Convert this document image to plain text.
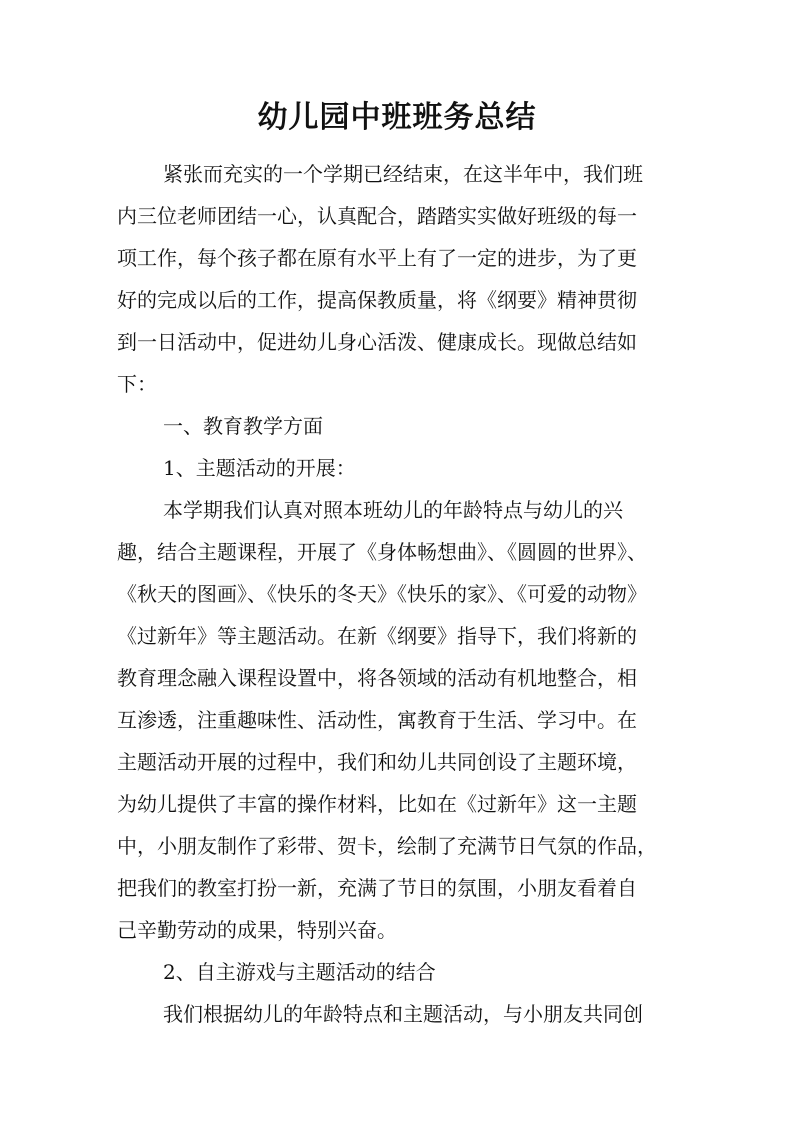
幼儿园中班班务总结
紧张而充实的一个学期已经结束，在这半年中，我们班
内三位老师团结一心，认真配合，踏踏实实做好班级的每一
项工作，每个孩子都在原有水平上有了一定的进步，为了更
好的完成以后的工作，提高保教质量，将《纲要》精神贯彻
到一日活动中，促进幼儿身心活泼、健康成长。现做总结如
下：
一、教育教学方面
1、主题活动的开展：
本学期我们认真对照本班幼儿的年龄特点与幼儿的兴
趣，结合主题课程，开展了《身体畅想曲》、《圆圆的世界》、
《秋天的图画》、《快乐的冬天》《快乐的家》、《可爱的动物》
《过新年》等主题活动。在新《纲要》指导下，我们将新的
教育理念融入课程设置中，将各领域的活动有机地整合，相
互渗透，注重趣味性、活动性，寓教育于生活、学习中。在
主题活动开展的过程中，我们和幼儿共同创设了主题环境，
为幼儿提供了丰富的操作材料，比如在《过新年》这一主题
中，小朋友制作了彩带、贺卡，绘制了充满节日气氛的作品，
把我们的教室打扮一新，充满了节日的氛围，小朋友看着自
己辛勤劳动的成果，特别兴奋。
2、自主游戏与主题活动的结合
我们根据幼儿的年龄特点和主题活动，与小朋友共同创
